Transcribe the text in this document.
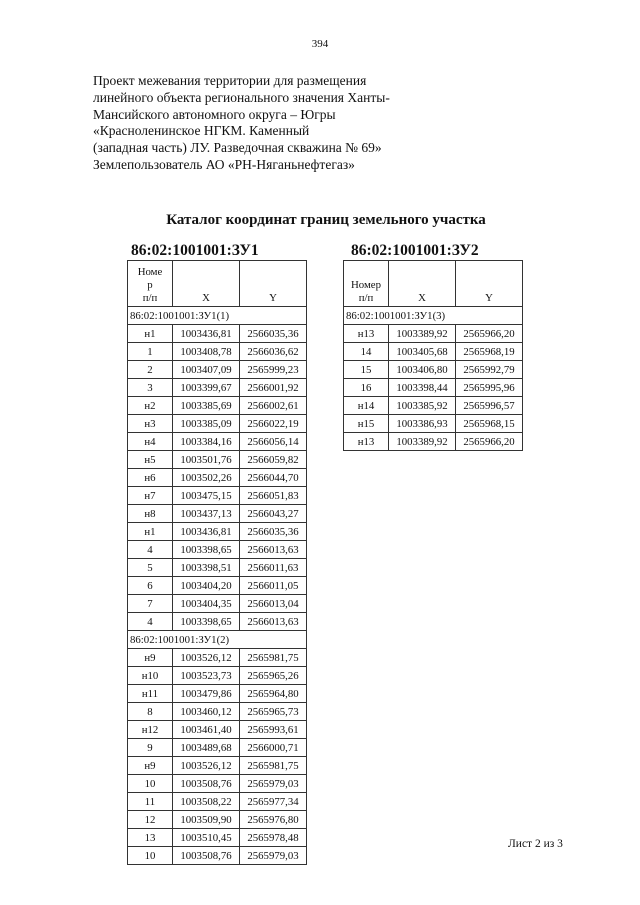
394
Проект межевания территории для размещения
линейного объекта регионального значения Ханты-
Мансийского автономного округа – Югры
«Красноленинское НГКМ. Каменный
(западная часть) ЛУ. Разведочная скважина № 69»
Землепользователь АО «РН-Няганьнефтегаз»
Каталог координат границ земельного участка
86:02:1001001:ЗУ1	86:02:1001001:ЗУ2
Номе
р
п/п	X	Y
86:02:1001001:ЗУ1(1)		
н1	1003436,81	2566035,36
1	1003408,78	2566036,62
2	1003407,09	2565999,23
3	1003399,67	2566001,92
н2	1003385,69	2566002,61
н3	1003385,09	2566022,19
н4	1003384,16	2566056,14
н5	1003501,76	2566059,82
н6	1003502,26	2566044,70
н7	1003475,15	2566051,83
н8	1003437,13	2566043,27
н1	1003436,81	2566035,36
4	1003398,65	2566013,63
5	1003398,51	2566011,63
6	1003404,20	2566011,05
7	1003404,35	2566013,04
4	1003398,65	2566013,63
86:02:1001001:ЗУ1(2)		
н9	1003526,12	2565981,75
н10	1003523,73	2565965,26
н11	1003479,86	2565964,80
8	1003460,12	2565965,73
н12	1003461,40	2565993,61
9	1003489,68	2566000,71
н9	1003526,12	2565981,75
10	1003508,76	2565979,03
11	1003508,22	2565977,34
12	1003509,90	2565976,80
13	1003510,45	2565978,48
10	1003508,76	2565979,03
Номер
п/п	X	Y
86:02:1001001:ЗУ1(3)		
н13	1003389,92	2565966,20
14	1003405,68	2565968,19
15	1003406,80	2565992,79
16	1003398,44	2565995,96
н14	1003385,92	2565996,57
н15	1003386,93	2565968,15
н13	1003389,92	2565966,20
Лист 2 из 3
